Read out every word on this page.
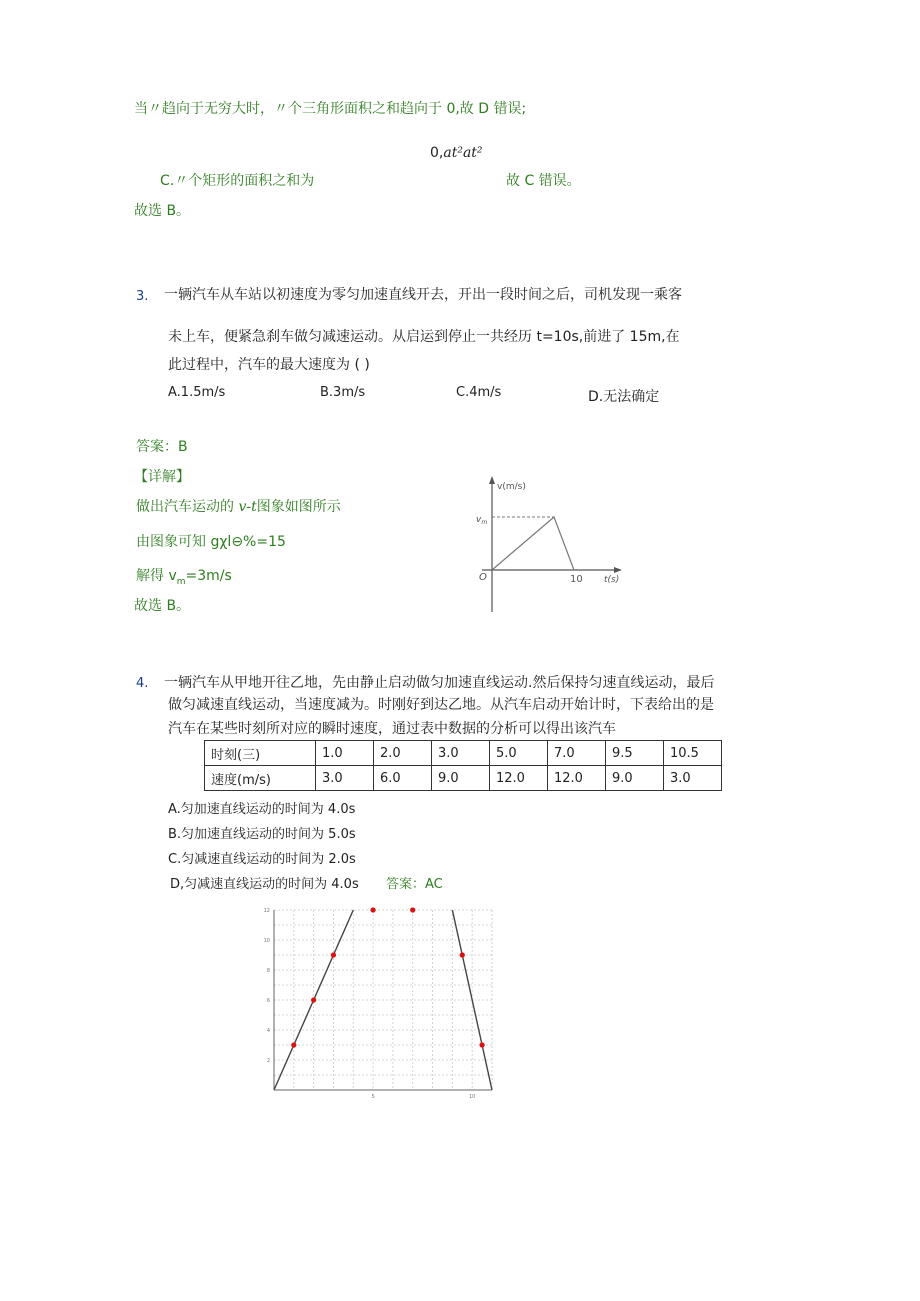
当〃趋向于无穷大时，〃个三角形面积之和趋向于 0,故 D 错误;
0,at²at²
C.〃个矩形的面积之和为	故 C 错误。
故选 B。
3. 一辆汽车从车站以初速度为零匀加速直线开去，开出一段时间之后，司机发现一乘客
未上车，便紧急刹车做匀减速运动。从启运到停止一共经历 t=10s,前进了 15m,在
此过程中，汽车的最大速度为 ( )
A.1.5m/s	B.3m/s	C.4m/s	D.无法确定
答案：B
【详解】
做出汽车运动的 v-t图象如图所示
由图象可知 gχl⊖%=15
解得 $v_m=3m/s$
故选 B。
v(m/s)
$v_m$
O	10 t(s)
4. 一辆汽车从甲地开往乙地，先由静止启动做匀加速直线运动.然后保持匀速直线运动，最后
做匀减速直线运动，当速度减为。时刚好到达乙地。从汽车启动开始计时，下表给出的是
汽车在某些时刻所对应的瞬时速度，通过表中数据的分析可以得出该汽车
时刻(三)	1.0	2.0	3.0	5.0	7.0	9.5	10.5
速度(m/s)	3.0	6.0	9.0	12.0	12.0	9.0	3.0
A.匀加速直线运动的时间为 4.0s
B.匀加速直线运动的时间为 5.0s
C.匀减速直线运动的时间为 2.0s
D,匀减速直线运动的时间为 4.0s 答案：AC
2
4
6
8
10
12
5	10
